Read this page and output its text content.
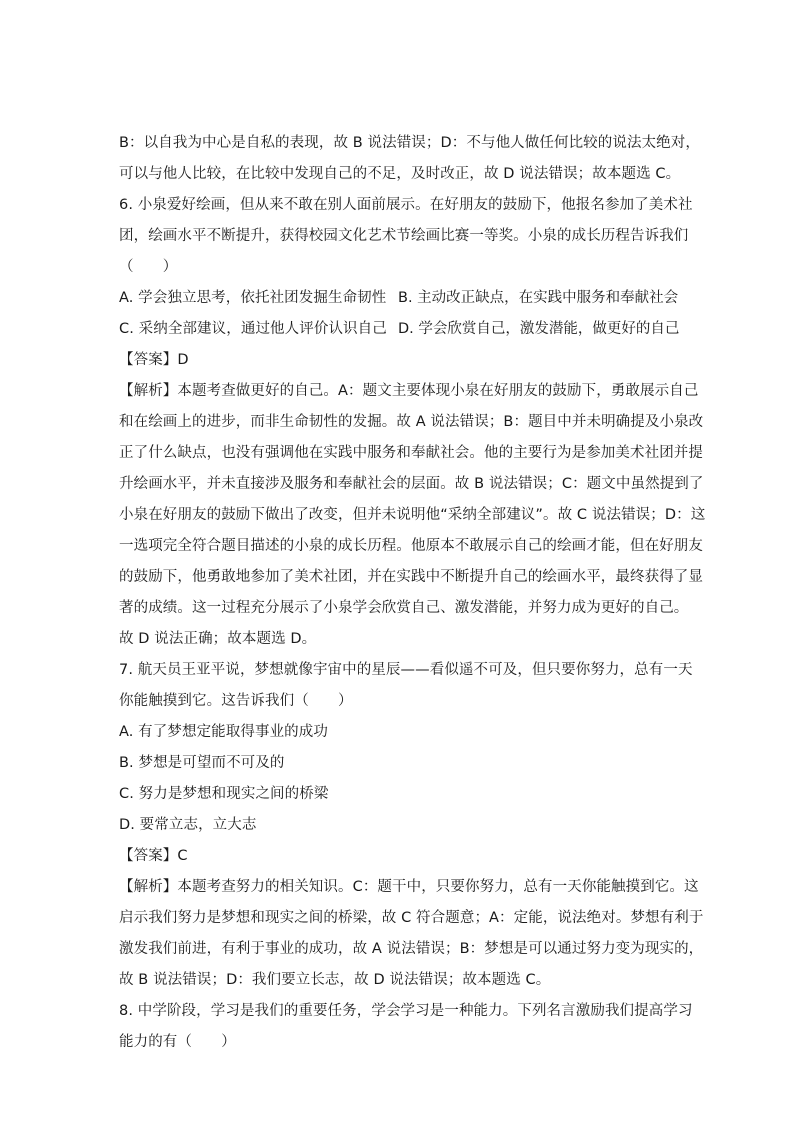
B：以自我为中心是自私的表现，故 B 说法错误；D：不与他人做任何比较的说法太绝对，
可以与他人比较，在比较中发现自己的不足，及时改正，故 D 说法错误；故本题选 C。
6. 小泉爱好绘画，但从来不敢在别人面前展示。在好朋友的鼓励下，他报名参加了美术社
团，绘画水平不断提升，获得校园文化艺术节绘画比赛一等奖。小泉的成长历程告诉我们
（　　）
A. 学会独立思考，依托社团发掘生命韧性 B. 主动改正缺点，在实践中服务和奉献社会
C. 采纳全部建议，通过他人评价认识自己 D. 学会欣赏自己，激发潜能，做更好的自己
【答案】D
【解析】本题考查做更好的自己。A：题文主要体现小泉在好朋友的鼓励下，勇敢展示自己
和在绘画上的进步，而非生命韧性的发掘。故 A 说法错误；B：题目中并未明确提及小泉改
正了什么缺点，也没有强调他在实践中服务和奉献社会。他的主要行为是参加美术社团并提
升绘画水平，并未直接涉及服务和奉献社会的层面。故 B 说法错误；C：题文中虽然提到了
小泉在好朋友的鼓励下做出了改变，但并未说明他“采纳全部建议”。故 C 说法错误；D：这
一选项完全符合题目描述的小泉的成长历程。他原本不敢展示自己的绘画才能，但在好朋友
的鼓励下，他勇敢地参加了美术社团，并在实践中不断提升自己的绘画水平，最终获得了显
著的成绩。这一过程充分展示了小泉学会欣赏自己、激发潜能，并努力成为更好的自己。
故 D 说法正确；故本题选 D。
7. 航天员王亚平说，梦想就像宇宙中的星辰——看似遥不可及，但只要你努力，总有一天
你能触摸到它。这告诉我们（　　）
A. 有了梦想定能取得事业的成功
B. 梦想是可望而不可及的
C. 努力是梦想和现实之间的桥梁
D. 要常立志，立大志
【答案】C
【解析】本题考查努力的相关知识。C：题干中，只要你努力，总有一天你能触摸到它。这
启示我们努力是梦想和现实之间的桥梁，故 C 符合题意；A：定能，说法绝对。梦想有利于
激发我们前进，有利于事业的成功，故 A 说法错误；B：梦想是可以通过努力变为现实的，
故 B 说法错误；D：我们要立长志，故 D 说法错误；故本题选 C。
8. 中学阶段，学习是我们的重要任务，学会学习是一种能力。下列名言激励我们提高学习
能力的有（　　）
